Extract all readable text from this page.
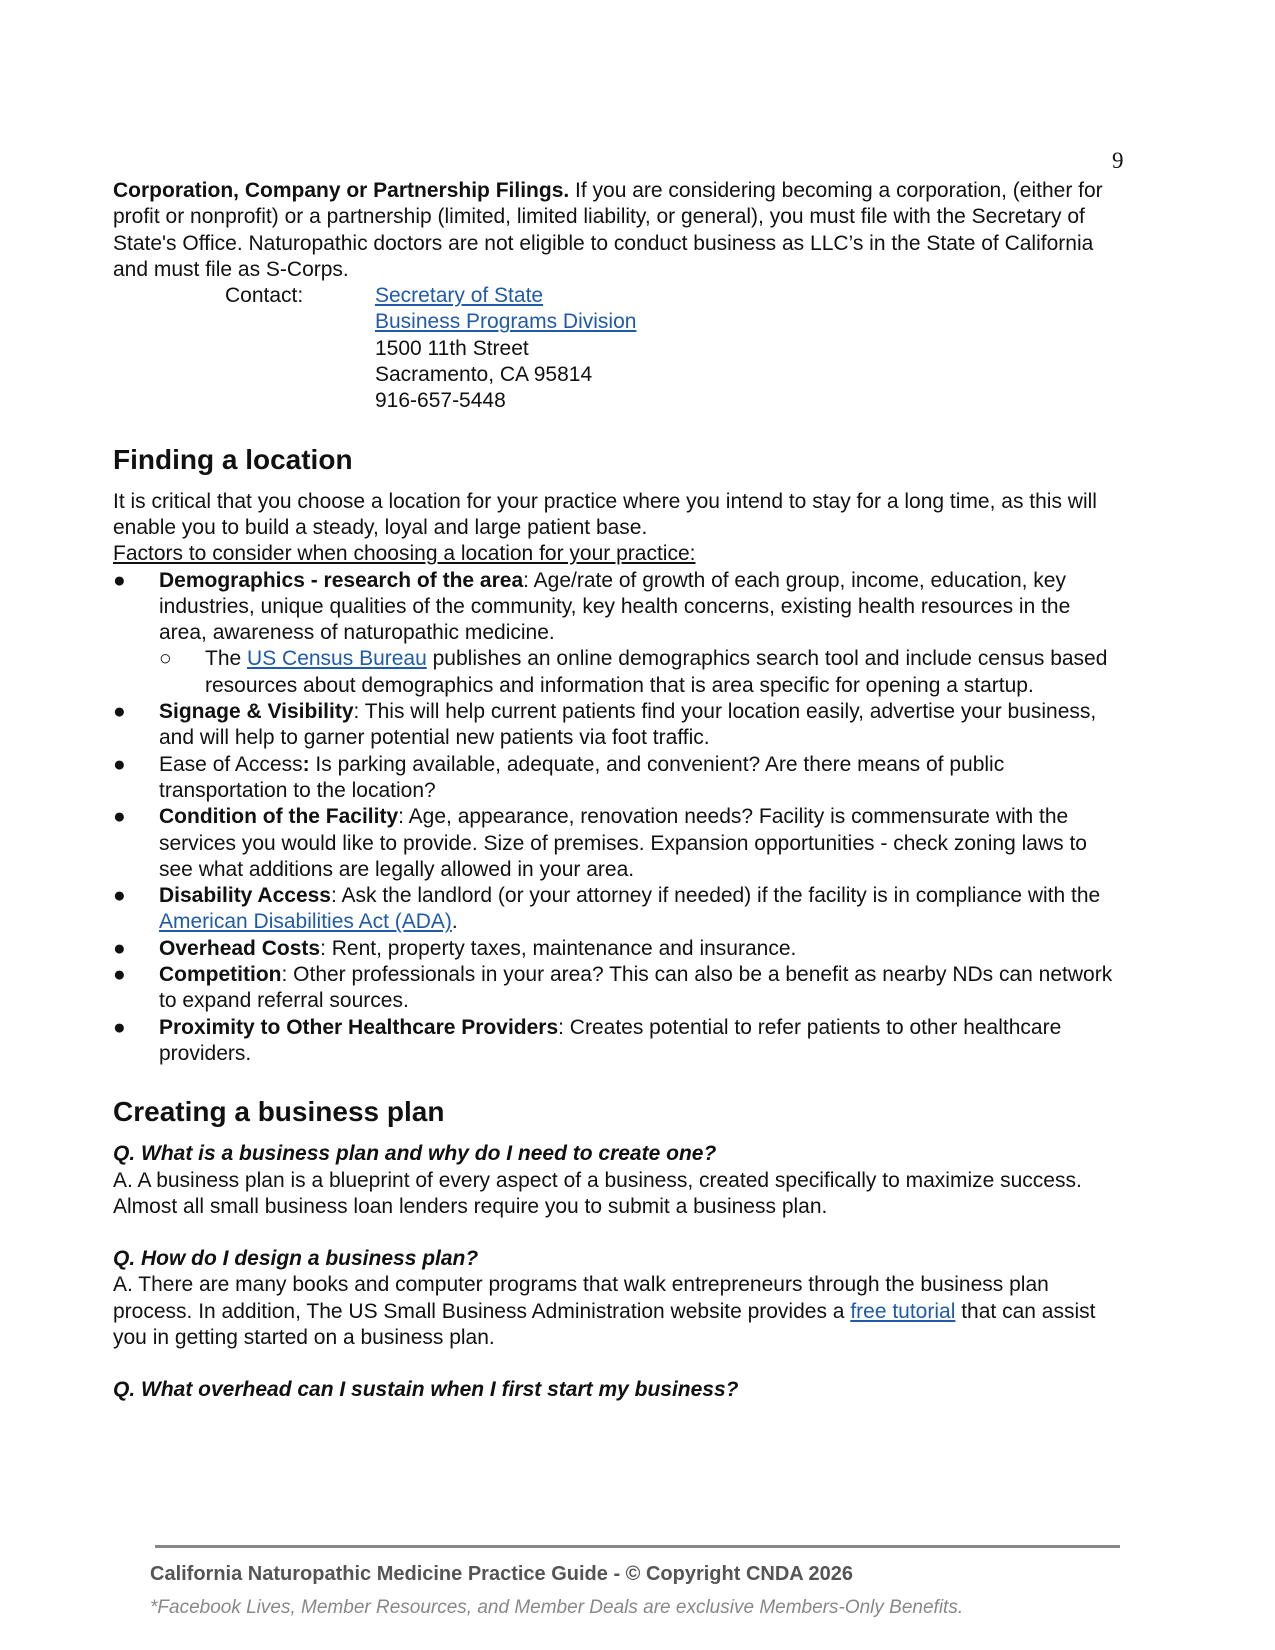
9

Corporation, Company or Partnership Filings. If you are considering becoming a corporation, (either for profit or nonprofit) or a partnership (limited, limited liability, or general), you must file with the Secretary of State's Office. Naturopathic doctors are not eligible to conduct business as LLC’s in the State of California and must file as S-Corps.

Contact:	Secretary of State
Business Programs Division
1500 11th Street
Sacramento, CA 95814
916-657-5448
Finding a location

It is critical that you choose a location for your practice where you intend to stay for a long time, as this will enable you to build a steady, loyal and large patient base.

Factors to consider when choosing a location for your practice:

● Demographics - research of the area: Age/rate of growth of each group, income, education, key industries, unique qualities of the community, key health concerns, existing health resources in the area, awareness of naturopathic medicine.
○ The US Census Bureau publishes an online demographics search tool and include census based resources about demographics and information that is area specific for opening a startup.
● Signage & Visibility: This will help current patients find your location easily, advertise your business, and will help to garner potential new patients via foot traffic.
● Ease of Access: Is parking available, adequate, and convenient? Are there means of public transportation to the location?
● Condition of the Facility: Age, appearance, renovation needs? Facility is commensurate with the services you would like to provide. Size of premises. Expansion opportunities - check zoning laws to see what additions are legally allowed in your area.
● Disability Access: Ask the landlord (or your attorney if needed) if the facility is in compliance with the American Disabilities Act (ADA).
● Overhead Costs: Rent, property taxes, maintenance and insurance.
● Competition: Other professionals in your area? This can also be a benefit as nearby NDs can network to expand referral sources.
● Proximity to Other Healthcare Providers: Creates potential to refer patients to other healthcare providers.
Creating a business plan

Q. What is a business plan and why do I need to create one?

A. A business plan is a blueprint of every aspect of a business, created specifically to maximize success. Almost all small business loan lenders require you to submit a business plan.

Q. How do I design a business plan?

A. There are many books and computer programs that walk entrepreneurs through the business plan process. In addition, The US Small Business Administration website provides a free tutorial that can assist you in getting started on a business plan.

Q. What overhead can I sustain when I first start my business?

California Naturopathic Medicine Practice Guide - © Copyright CNDA 2026
*Facebook Lives, Member Resources, and Member Deals are exclusive Members-Only Benefits.
